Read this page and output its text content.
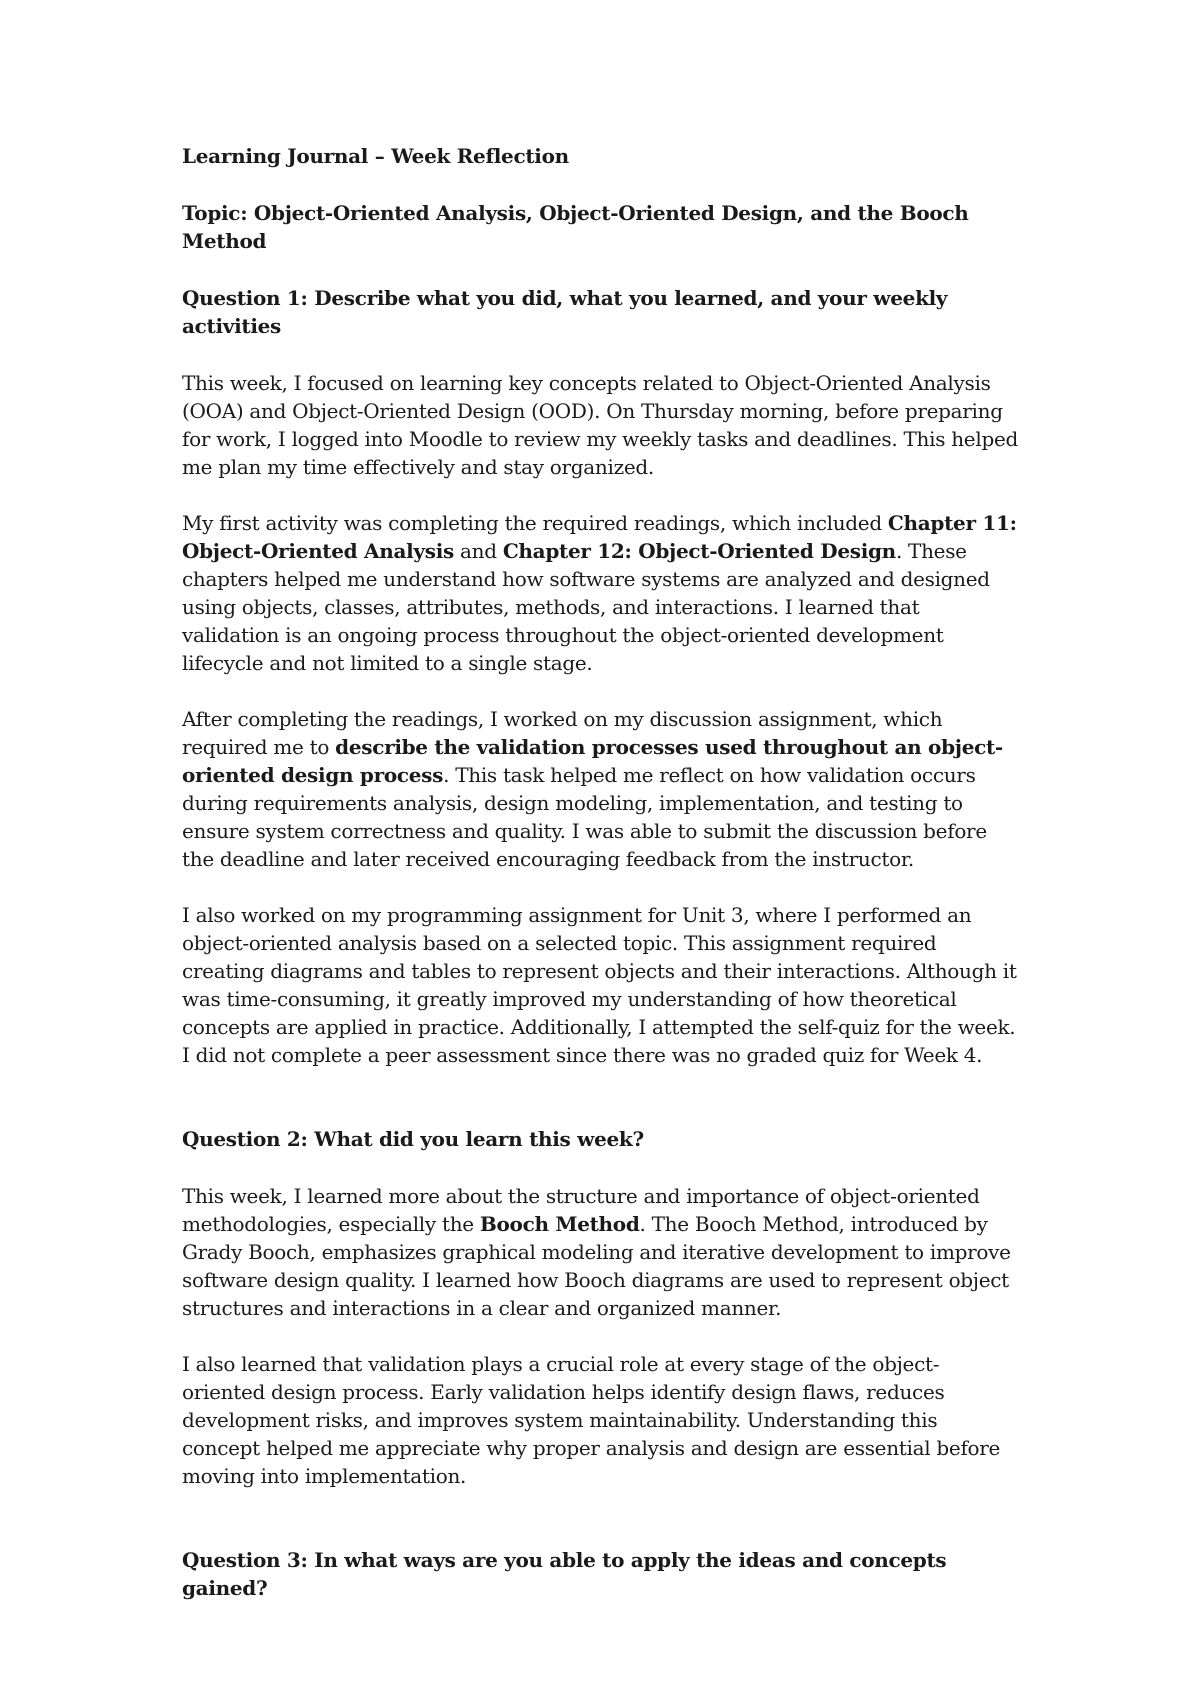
Learning Journal – Week Reflection

Topic: Object-Oriented Analysis, Object-Oriented Design, and the Booch Method

Question 1: Describe what you did, what you learned, and your weekly activities

This week, I focused on learning key concepts related to Object-Oriented Analysis (OOA) and Object-Oriented Design (OOD). On Thursday morning, before preparing for work, I logged into Moodle to review my weekly tasks and deadlines. This helped me plan my time effectively and stay organized.

My first activity was completing the required readings, which included Chapter 11: Object-Oriented Analysis and Chapter 12: Object-Oriented Design. These chapters helped me understand how software systems are analyzed and designed using objects, classes, attributes, methods, and interactions. I learned that validation is an ongoing process throughout the object-oriented development lifecycle and not limited to a single stage.

After completing the readings, I worked on my discussion assignment, which required me to describe the validation processes used throughout an object-oriented design process. This task helped me reflect on how validation occurs during requirements analysis, design modeling, implementation, and testing to ensure system correctness and quality. I was able to submit the discussion before the deadline and later received encouraging feedback from the instructor.

I also worked on my programming assignment for Unit 3, where I performed an object-oriented analysis based on a selected topic. This assignment required creating diagrams and tables to represent objects and their interactions. Although it was time-consuming, it greatly improved my understanding of how theoretical concepts are applied in practice. Additionally, I attempted the self-quiz for the week. I did not complete a peer assessment since there was no graded quiz for Week 4.

Question 2: What did you learn this week?

This week, I learned more about the structure and importance of object-oriented methodologies, especially the Booch Method. The Booch Method, introduced by Grady Booch, emphasizes graphical modeling and iterative development to improve software design quality. I learned how Booch diagrams are used to represent object structures and interactions in a clear and organized manner.

I also learned that validation plays a crucial role at every stage of the object-oriented design process. Early validation helps identify design flaws, reduces development risks, and improves system maintainability. Understanding this concept helped me appreciate why proper analysis and design are essential before moving into implementation.

Question 3: In what ways are you able to apply the ideas and concepts gained?
